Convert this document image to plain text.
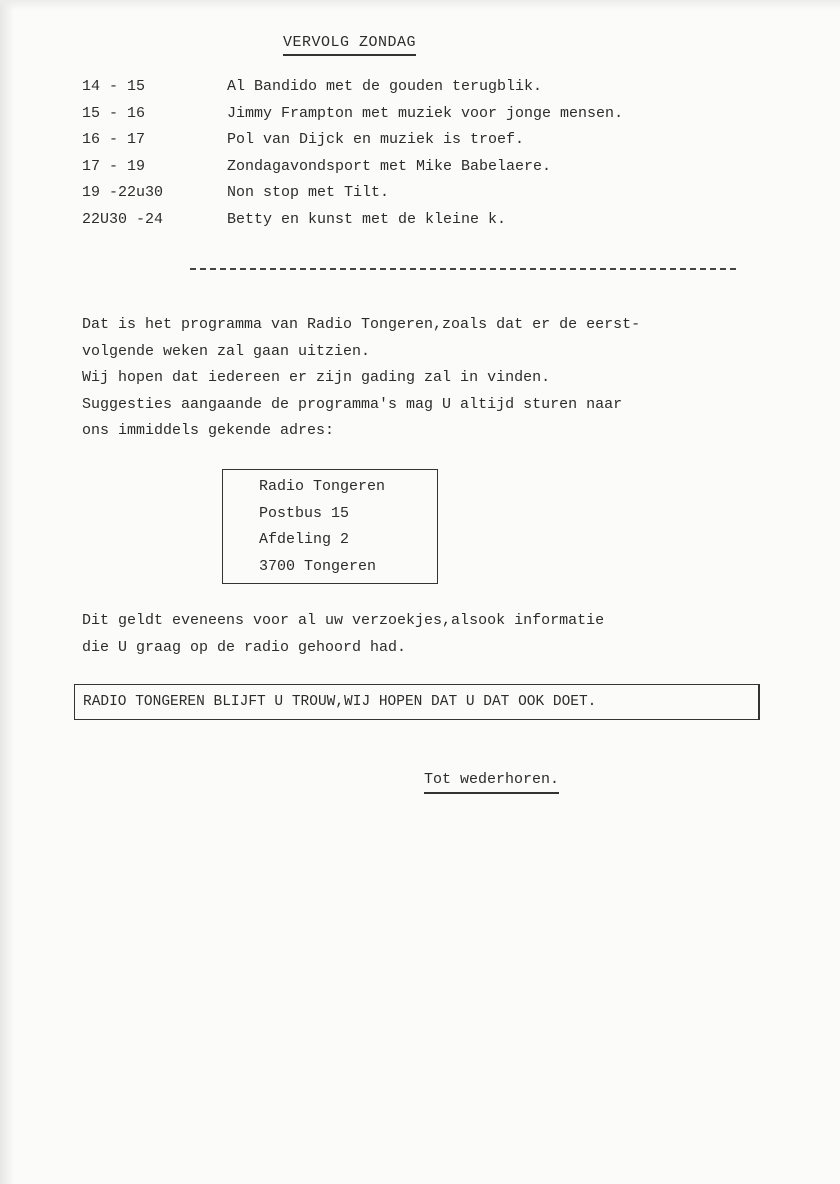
VERVOLG ZONDAG
14 - 15	Al Bandido met de gouden terugblik.
15 - 16	Jimmy Frampton met muziek voor jonge mensen.
16 - 17	Pol van Dijck en muziek is troef.
17 - 19	Zondagavondsport met Mike Babelaere.
19 -22u30	Non stop met Tilt.
22U30 -24	Betty en kunst met de kleine k.
Dat is het programma van Radio Tongeren,zoals dat er de eerst-
volgende weken zal gaan uitzien.
Wij hopen dat iedereen er zijn gading zal in vinden.
Suggesties aangaande de programma's mag U altijd sturen naar
ons immiddels gekende adres:
Radio Tongeren
Postbus 15
Afdeling 2
3700 Tongeren
Dit geldt eveneens voor al uw verzoekjes,alsook informatie
die U graag op de radio gehoord had.
RADIO TONGEREN BLIJFT U TROUW,WIJ HOPEN DAT U DAT OOK DOET.
Tot wederhoren.
